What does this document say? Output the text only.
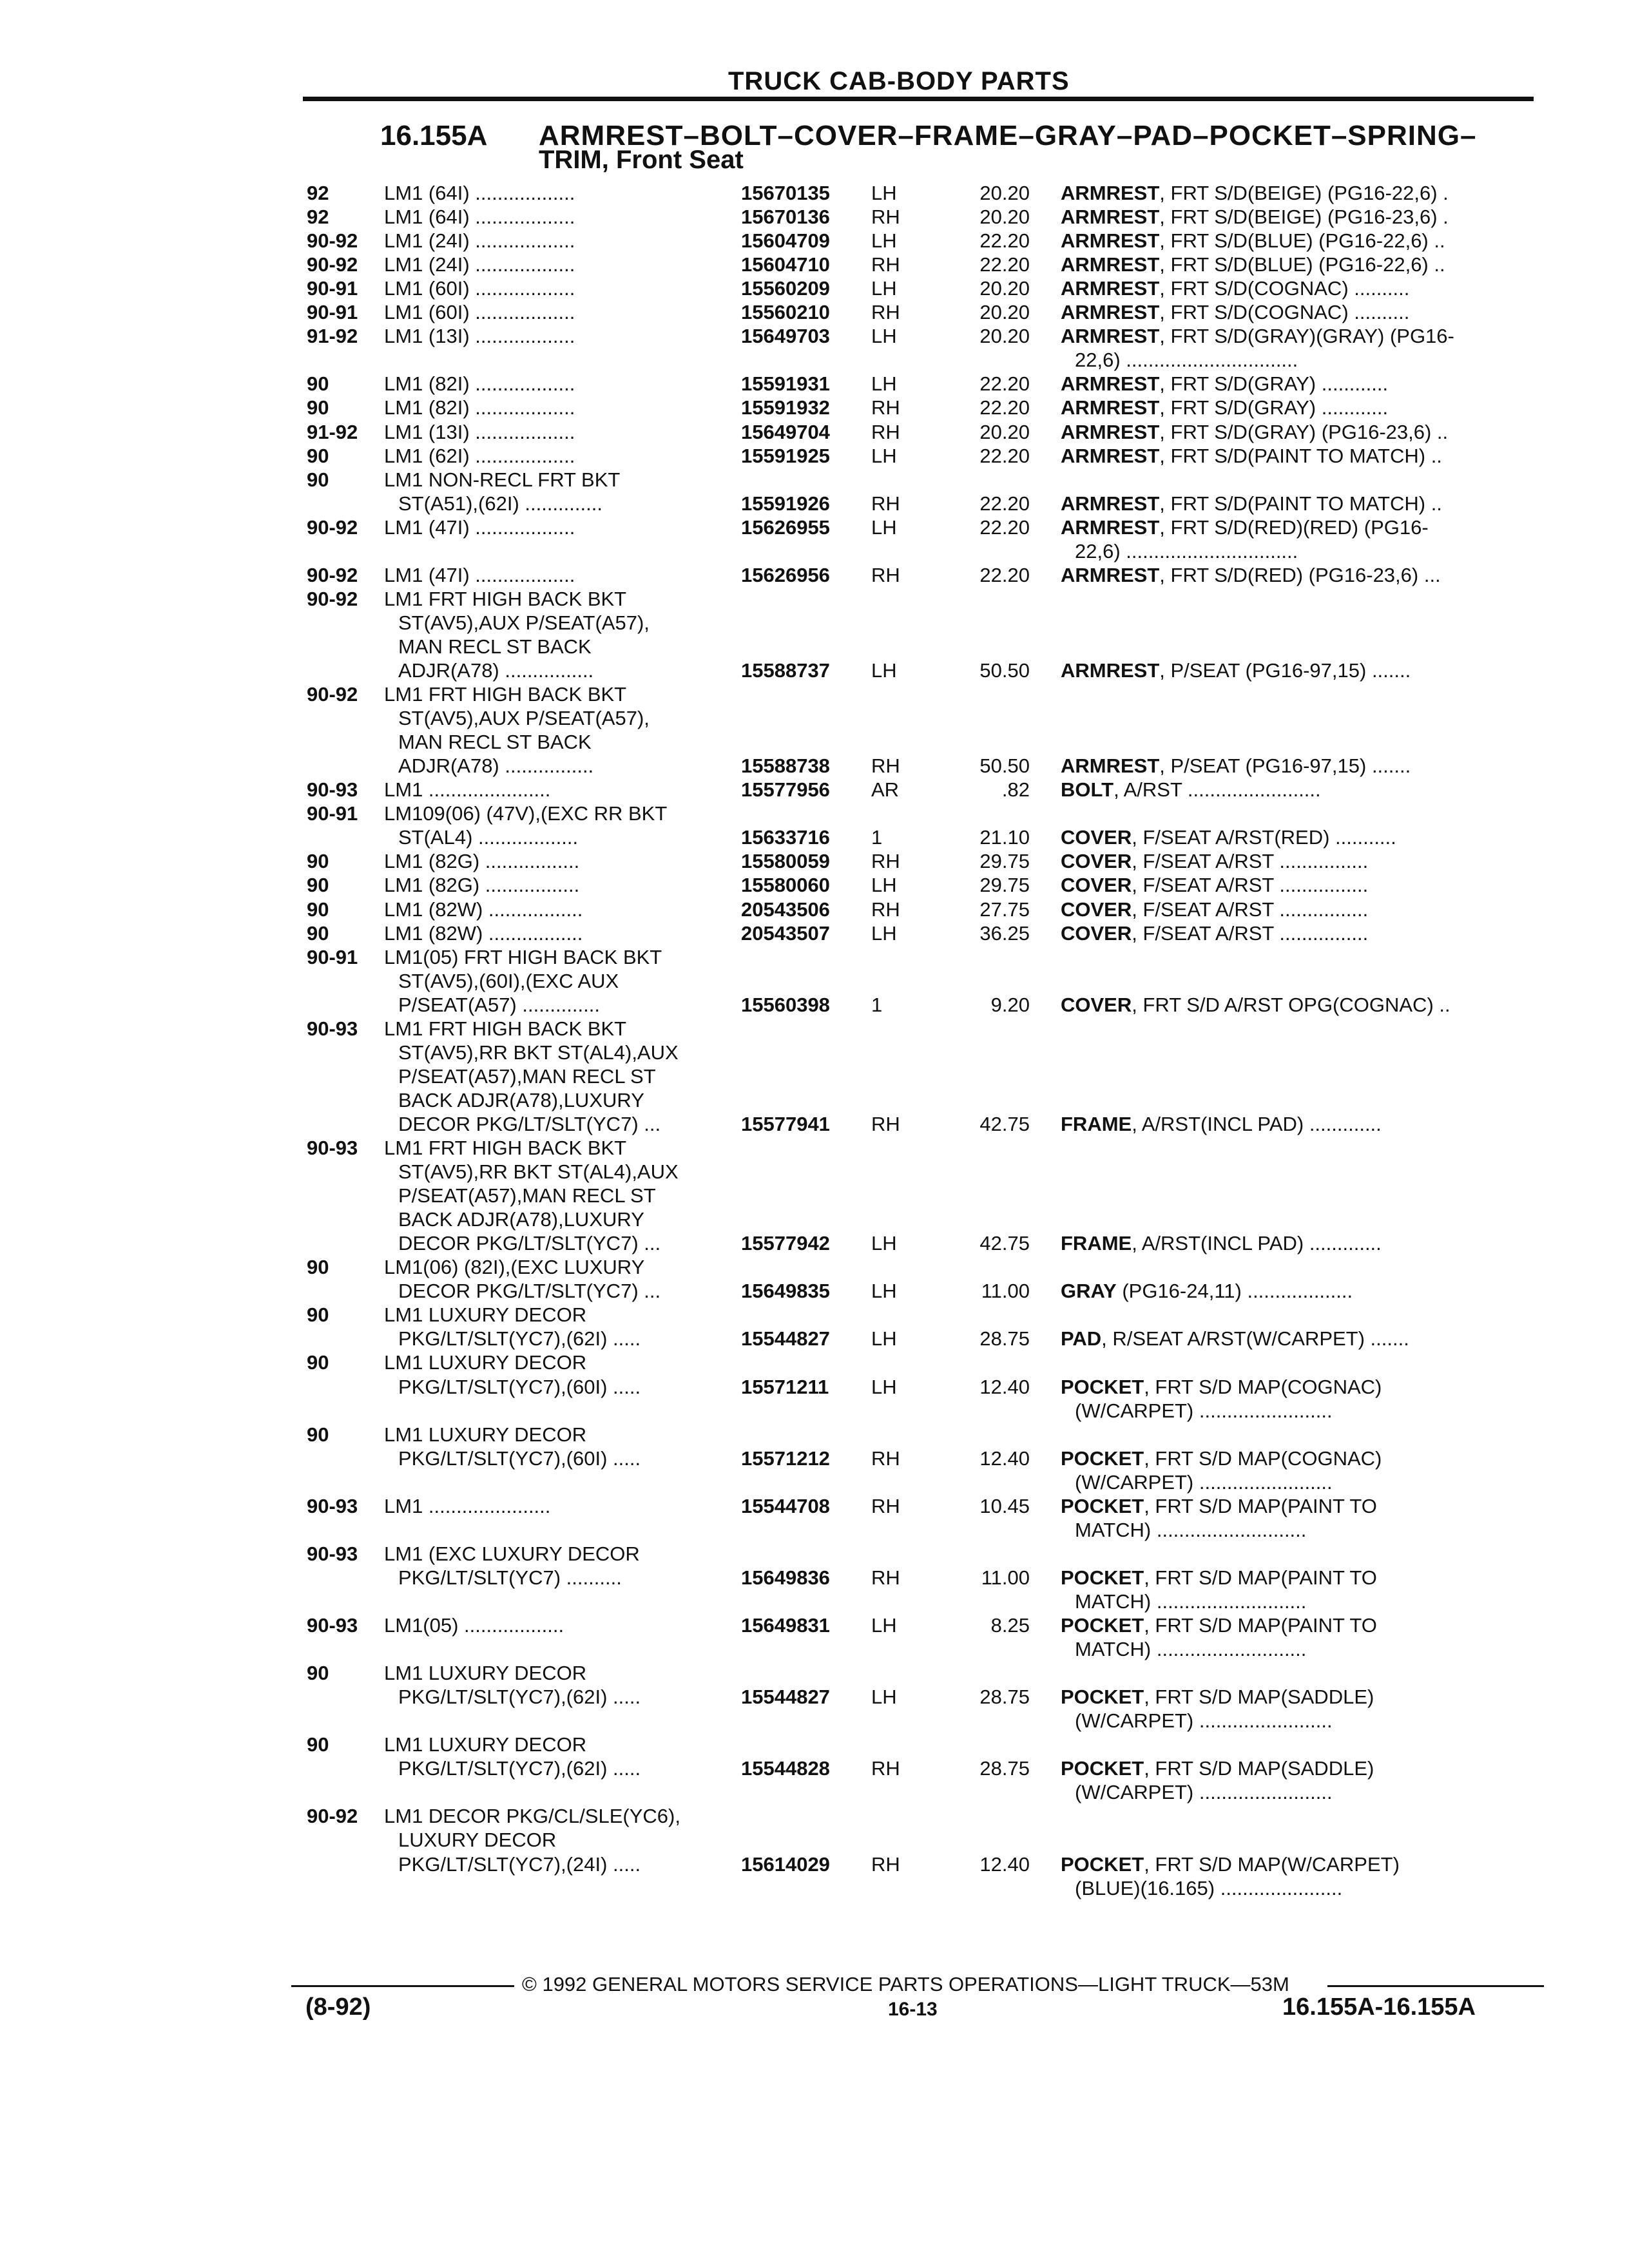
TRUCK CAB-BODY PARTS
16.155A ARMREST–BOLT–COVER–FRAME–GRAY–PAD–POCKET–SPRING–
TRIM, Front Seat
92	LM1 (64I) ..................	15670135 LH	20.20 ARMREST, FRT S/D(BEIGE) (PG16-22,6) .
92	LM1 (64I) ..................	15670136 RH	20.20 ARMREST, FRT S/D(BEIGE) (PG16-23,6) .
90-92 LM1 (24I) ..................	15604709 LH	22.20 ARMREST, FRT S/D(BLUE) (PG16-22,6) ..
90-92 LM1 (24I) ..................	15604710 RH	22.20 ARMREST, FRT S/D(BLUE) (PG16-22,6) ..
90-91 LM1 (60I) ..................	15560209 LH	20.20 ARMREST, FRT S/D(COGNAC) ..........
90-91 LM1 (60I) ..................	15560210 RH	20.20 ARMREST, FRT S/D(COGNAC) ..........
91-92 LM1 (13I) ..................	15649703 LH	20.20 ARMREST, FRT S/D(GRAY)(GRAY) (PG16-
22,6) ...............................
90	LM1 (82I) ..................	15591931 LH	22.20 ARMREST, FRT S/D(GRAY) ............
90	LM1 (82I) ..................	15591932 RH	22.20 ARMREST, FRT S/D(GRAY) ............
91-92 LM1 (13I) ..................	15649704 RH	20.20 ARMREST, FRT S/D(GRAY) (PG16-23,6) ..
90	LM1 (62I) ..................	15591925 LH	22.20 ARMREST, FRT S/D(PAINT TO MATCH) ..
90	LM1 NON-RECL FRT BKT
ST(A51),(62I) ..............	15591926 RH	22.20 ARMREST, FRT S/D(PAINT TO MATCH) ..
90-92 LM1 (47I) ..................	15626955 LH	22.20 ARMREST, FRT S/D(RED)(RED) (PG16-
22,6) ...............................
90-92 LM1 (47I) ..................	15626956 RH	22.20 ARMREST, FRT S/D(RED) (PG16-23,6) ...
90-92 LM1 FRT HIGH BACK BKT
ST(AV5),AUX P/SEAT(A57),
MAN RECL ST BACK
ADJR(A78) ................	15588737 LH	50.50 ARMREST, P/SEAT (PG16-97,15) .......
90-92 LM1 FRT HIGH BACK BKT
ST(AV5),AUX P/SEAT(A57),
MAN RECL ST BACK
ADJR(A78) ................	15588738 RH	50.50 ARMREST, P/SEAT (PG16-97,15) .......
90-93 LM1 ......................	15577956 AR	.82 BOLT, A/RST ........................
90-91 LM109(06) (47V),(EXC RR BKT
ST(AL4) ..................	15633716 1	21.10 COVER, F/SEAT A/RST(RED) ...........
90	LM1 (82G) .................	15580059 RH	29.75 COVER, F/SEAT A/RST ................
90	LM1 (82G) .................	15580060 LH	29.75 COVER, F/SEAT A/RST ................
90	LM1 (82W) .................	20543506 RH	27.75 COVER, F/SEAT A/RST ................
90	LM1 (82W) .................	20543507 LH	36.25 COVER, F/SEAT A/RST ................
90-91 LM1(05) FRT HIGH BACK BKT
ST(AV5),(60I),(EXC AUX
P/SEAT(A57) ..............	15560398 1	9.20 COVER, FRT S/D A/RST OPG(COGNAC) ..
90-93 LM1 FRT HIGH BACK BKT
ST(AV5),RR BKT ST(AL4),AUX
P/SEAT(A57),MAN RECL ST
BACK ADJR(A78),LUXURY
DECOR PKG/LT/SLT(YC7) ...	15577941 RH	42.75 FRAME, A/RST(INCL PAD) .............
90-93 LM1 FRT HIGH BACK BKT
ST(AV5),RR BKT ST(AL4),AUX
P/SEAT(A57),MAN RECL ST
BACK ADJR(A78),LUXURY
DECOR PKG/LT/SLT(YC7) ...	15577942 LH	42.75 FRAME, A/RST(INCL PAD) .............
90	LM1(06) (82I),(EXC LUXURY
DECOR PKG/LT/SLT(YC7) ...	15649835 LH	11.00 GRAY (PG16-24,11) ...................
90	LM1 LUXURY DECOR
PKG/LT/SLT(YC7),(62I) .....	15544827 LH	28.75 PAD, R/SEAT A/RST(W/CARPET) .......
90	LM1 LUXURY DECOR
PKG/LT/SLT(YC7),(60I) .....	15571211 LH	12.40 POCKET, FRT S/D MAP(COGNAC)
(W/CARPET) ........................
90	LM1 LUXURY DECOR
PKG/LT/SLT(YC7),(60I) .....	15571212 RH	12.40 POCKET, FRT S/D MAP(COGNAC)
(W/CARPET) ........................
90-93 LM1 ......................	15544708 RH	10.45 POCKET, FRT S/D MAP(PAINT TO
MATCH) ...........................
90-93 LM1 (EXC LUXURY DECOR
PKG/LT/SLT(YC7) ..........	15649836 RH	11.00 POCKET, FRT S/D MAP(PAINT TO
MATCH) ...........................
90-93 LM1(05) ..................	15649831 LH	8.25 POCKET, FRT S/D MAP(PAINT TO
MATCH) ...........................
90	LM1 LUXURY DECOR
PKG/LT/SLT(YC7),(62I) .....	15544827 LH	28.75 POCKET, FRT S/D MAP(SADDLE)
(W/CARPET) ........................
90	LM1 LUXURY DECOR
PKG/LT/SLT(YC7),(62I) .....	15544828 RH	28.75 POCKET, FRT S/D MAP(SADDLE)
(W/CARPET) ........................
90-92 LM1 DECOR PKG/CL/SLE(YC6),
LUXURY DECOR
PKG/LT/SLT(YC7),(24I) .....	15614029 RH	12.40 POCKET, FRT S/D MAP(W/CARPET)
(BLUE)(16.165) ......................
© 1992 GENERAL MOTORS SERVICE PARTS OPERATIONS—LIGHT TRUCK—53M
(8-92)	16-13	16.155A-16.155A
